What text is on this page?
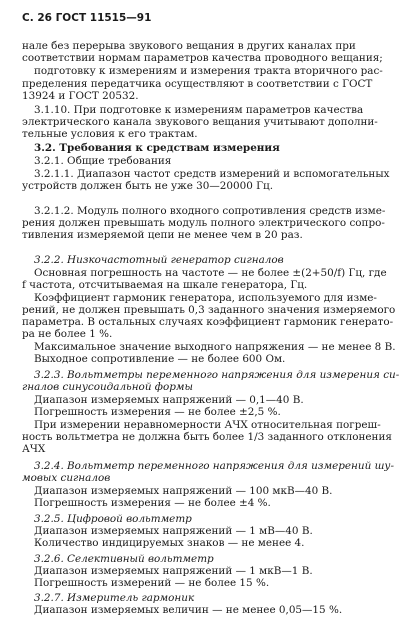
С. 26 ГОСТ 11515—91
нале без перерыва звукового вещания в других каналах при
соответствии нормам параметров качества проводного вещания;
подготовку к измерениям и измерения тракта вторичного рас-
пределения передатчика осуществляют в соответствии с ГОСТ
13924 и ГОСТ 20532.
3.1.10. При подготовке к измерениям параметров качества
электрического канала звукового вещания учитывают дополни-
тельные условия к его трактам.
3.2. Требования к средствам измерения
3.2.1. Общие требования
3.2.1.1. Диапазон частот средств измерений и вспомогательных
устройств должен быть не уже 30—20000 Гц.
3.2.1.2. Модуль полного входного сопротивления средств изме-
рения должен превышать модуль полного электрического сопро-
тивления измеряемой цепи не менее чем в 20 раз.
3.2.2. Низкочастотный генератор сигналов
Основная погрешность на частоте — не более ±(2+50/f) Гц, где
f частота, отсчитываемая на шкале генератора, Гц.
Коэффициент гармоник генератора, используемого для изме-
рений, не должен превышать 0,3 заданного значения измеряемого
параметра. В остальных случаях коэффициент гармоник генерато-
ра не более 1 %.
Максимальное значение выходного напряжения — не менее 8 В.
Выходное сопротивление — не более 600 Ом.
3.2.3. Вольтметры переменного напряжения для измерения си-
гналов синусоидальной формы
Диапазон измеряемых напряжений — 0,1—40 В.
Погрешность измерения — не более ±2,5 %.
При измерении неравномерности АЧХ относительная погреш-
ность вольтметра не должна быть более 1/3 заданного отклонения
АЧХ
3.2.4. Вольтметр переменного напряжения для измерений шу-
мовых сигналов
Диапазон измеряемых напряжений — 100 мкВ—40 В.
Погрешность измерения — не более ±4 %.
3.2.5. Цифровой вольтметр
Диапазон измеряемых напряжений — 1 мВ—40 В.
Количество индицируемых знаков — не менее 4.
3.2.6. Селективный вольтметр
Диапазон измеряемых напряжений — 1 мкВ—1 В.
Погрешность измерений — не более 15 %.
3.2.7. Измеритель гармоник
Диапазон измеряемых величин — не менее 0,05—15 %.
